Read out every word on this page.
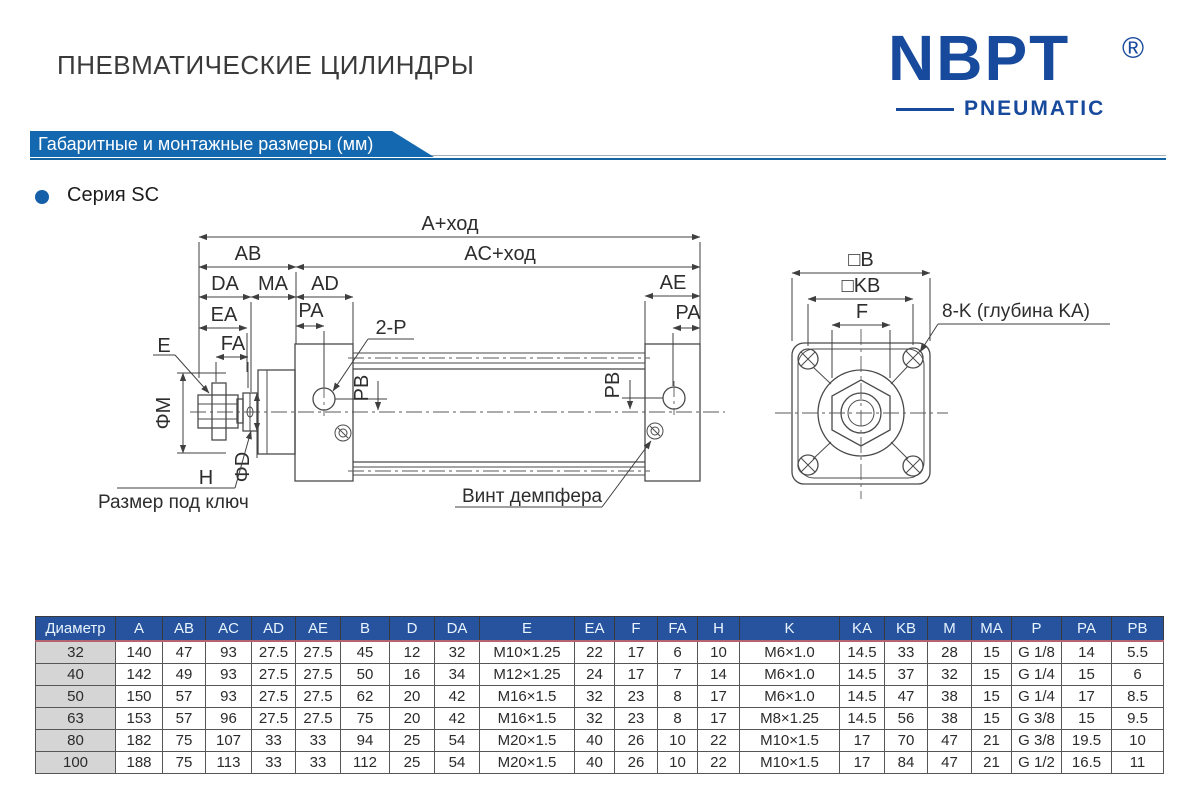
ПНЕВМАТИЧЕСКИЕ ЦИЛИНДРЫ	NBPT	®
PNEUMATIC
Габаритные и монтажные размеры (мм)
Серия SC
A+ход
AB	AC+ход
DA MA AD
EA
FA
PA
AE
PA
PB	PB
2-P
E
ΦM
ΦD
H
Размер под ключ	Винт демпфера
□B
□KB
F	8-K (глубина KA)
Диаметр	A	AB	AC	AD	AE	B	D	DA	E	EA	F	FA	H	K	KA	KB	M	MA	P	PA	PB
32	140	47	93	27.5	27.5	45	12	32	M10×1.25	22	17	6	10	M6×1.0	14.5	33	28	15	G 1/8	14	5.5
40	142	49	93	27.5	27.5	50	16	34	M12×1.25	24	17	7	14	M6×1.0	14.5	37	32	15	G 1/4	15	6
50	150	57	93	27.5	27.5	62	20	42	M16×1.5	32	23	8	17	M6×1.0	14.5	47	38	15	G 1/4	17	8.5
63	153	57	96	27.5	27.5	75	20	42	M16×1.5	32	23	8	17	M8×1.25	14.5	56	38	15	G 3/8	15	9.5
80	182	75	107	33	33	94	25	54	M20×1.5	40	26	10	22	M10×1.5	17	70	47	21	G 3/8	19.5	10
100	188	75	113	33	33	112	25	54	M20×1.5	40	26	10	22	M10×1.5	17	84	47	21	G 1/2	16.5	11
